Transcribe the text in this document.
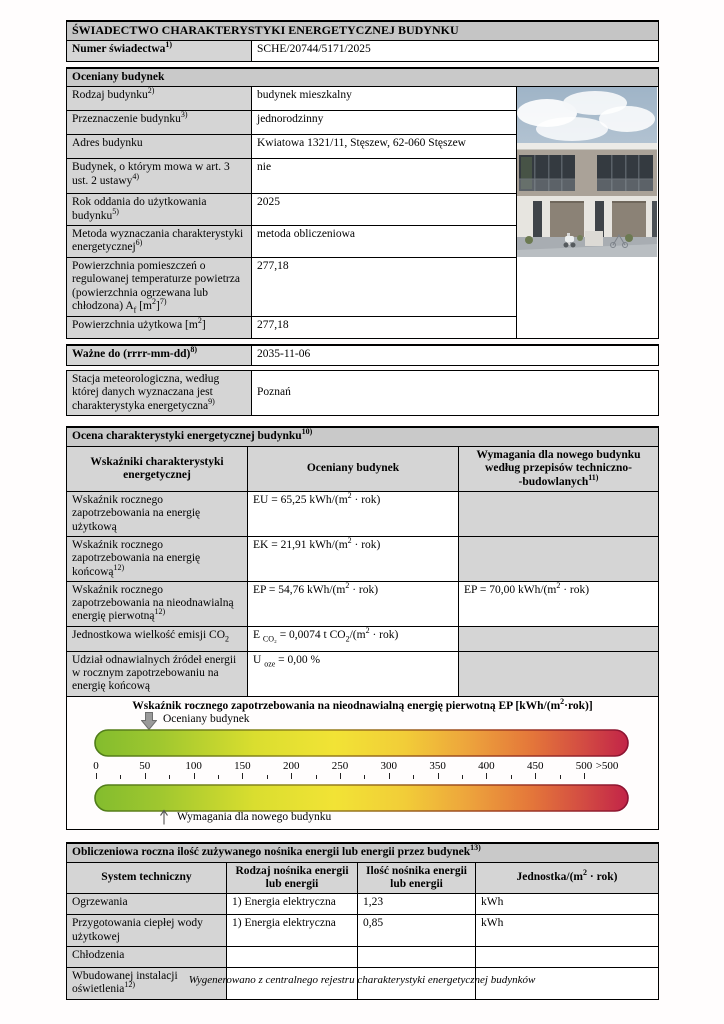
ŚWIADECTWO CHARAKTERYSTYKI ENERGETYCZNEJ BUDYNKU
Numer świadectwa$^{1)}$	SCHE/20744/5171/2025
Oceniany budynek		
Rodzaj budynku$^{2)}$	budynek mieszkalny	

Przeznaczenie budynku$^{3)}$	jednorodzinny	
Adres budynku	Kwiatowa 1321/11, Stęszew, 62-060 Stęszew	
Budynek, o którym mowa w art. 3 ust. 2 ustawy$^{4)}$	nie	
Rok oddania do użytkowania budynku$^{5)}$	2025	
Metoda wyznaczania charakterystyki energetycznej$^{6)}$	metoda obliczeniowa	
Powierzchnia pomieszczeń o regulowanej temperaturze powietrza (powierzchnia ogrzewana lub chłodzona) $A_f$ $[m^2]^{7)}$	277,18	
Powierzchnia użytkowa $[m^2]$	277,18	
Ważne do (rrrr-mm-dd)$^{8)}$	2035-11-06
Stacja meteorologiczna, według której danych wyznaczana jest charakterystyka energetyczna$^{9)}$	Poznań
Ocena charakterystyki energetycznej budynku$^{10)}$
Wskaźniki charakterystyki energetycznej	Oceniany budynek	Wymagania dla nowego budynku według przepisów techniczno-
-budowlanych$^{11)}$
Wskaźnik rocznego zapotrzebowania na energię użytkową	EU = 65,25 kWh/$(m^2 \cdot rok)$	
Wskaźnik rocznego zapotrzebowania na energię końcową$^{12)}$	EK = 21,91 kWh/$(m^2 \cdot rok)$	
Wskaźnik rocznego zapotrzebowania na nieodnawialną energię pierwotną$^{12)}$	EP = 54,76 kWh/$(m^2 \cdot rok)$	EP = 70,00 kWh/$(m^2 \cdot rok)$
Jednostkowa wielkość emisji $CO_2$	E $_{CO_2}$ = 0,0074 t $CO_2/(m^2 \cdot rok)$	
Udział odnawialnych źródeł energii w rocznym zapotrzebowaniu na energię końcową	U $_{oze}$ = 0,00 %	

Wskaźnik rocznego zapotrzebowania na nieodnawialną energię pierwotną EP $[kWh/(m^2\cdot rok)]$
Oceniany budynek
0	50	100	150	200	250	300	350	400	450	500 >500
Wymagania dla nowego budynku
Obliczeniowa roczna ilość zużywanego nośnika energii lub energii przez budynek$^{13)}$
System techniczny	Rodzaj nośnika energii lub energii	Ilość nośnika energii lub energii	Jednostka/$(m^2 \cdot rok)$
Ogrzewania	1) Energia elektryczna	1,23	kWh
Przygotowania ciepłej wody użytkowej	1) Energia elektryczna	0,85	kWh
Chłodzenia			
Wbudowanej instalacji oświetlenia$^{12)}$				Wygenerowano z centralnego rejestru charakterystyki energetycznej budynków
